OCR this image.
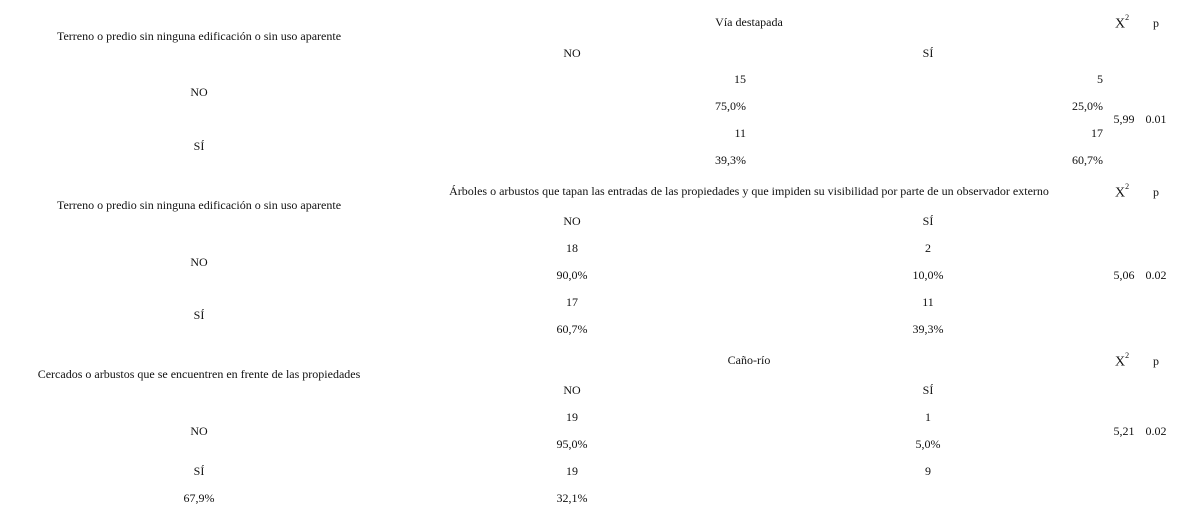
Vía destapada
Terreno o predio sin ninguna edificación o sin uso aparente
$X^2$ p
NO	SÍ
NO
15	5
75,0%	25,0%
SÍ
11	17
39,3%	60,7%
5,99 0.01
Árboles o arbustos que tapan las entradas de las propiedades y que impiden su visibilidad por parte de un observador externo
Terreno o predio sin ninguna edificación o sin uso aparente
$X^2$ p
NO	SÍ
NO
18	2
90,0%	10,0%
SÍ
17	11
60,7%	39,3%
5,06 0.02
Caño-río
Cercados o arbustos que se encuentren en frente de las propiedades
$X^2$ p
NO	SÍ
NO
19	1
95,0%	5,0%
SÍ	19	9
67,9%	32,1%
5,21 0.02
